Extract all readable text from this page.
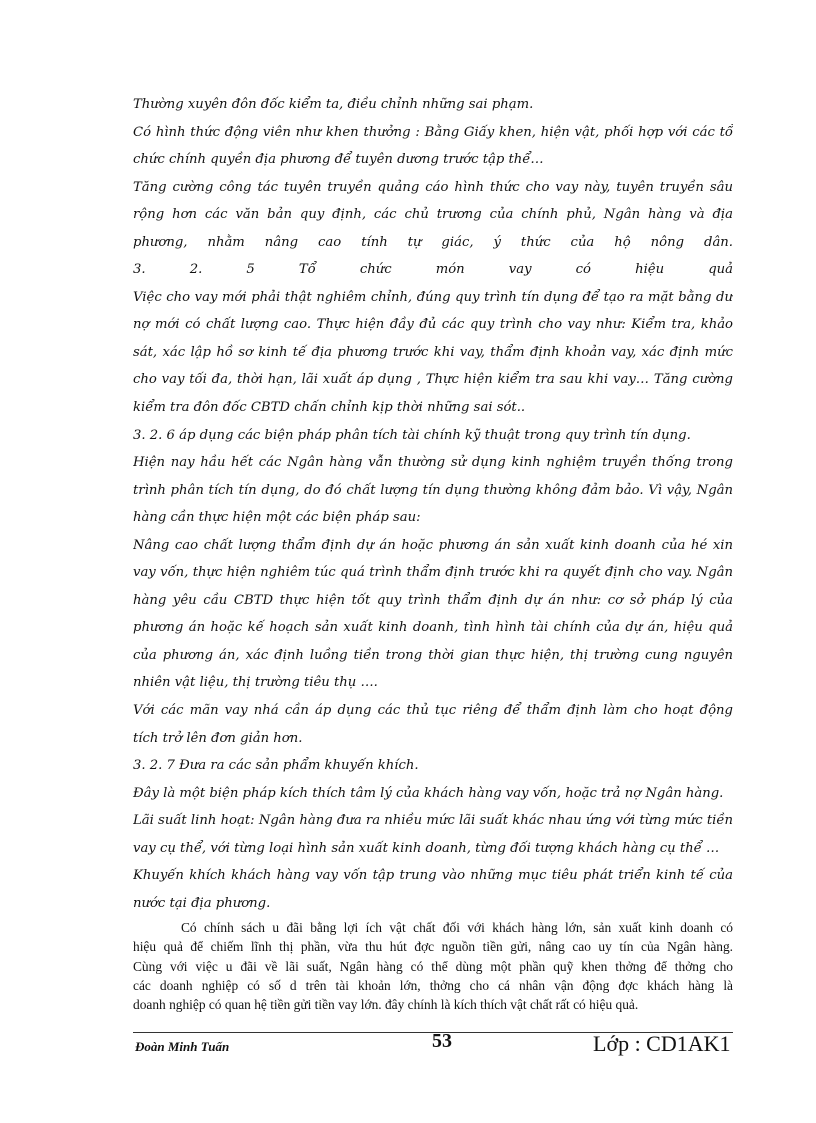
Thường xuyên đôn đốc kiểm ta, điều chỉnh những sai phạm.
Có hình thức động viên như khen thưởng : Bằng Giấy khen, hiện vật, phối hợp với các tổ
chức chính quyền địa phương để tuyên dương trước tập thể…
Tăng cường công tác tuyên truyền quảng cáo hình thức cho vay này, tuyên truyền sâu
rộng hơn các văn bản quy định, các chủ trương của chính phủ, Ngân hàng và địa
phương, nhằm nâng cao tính tự giác, ý thức của hộ nông dân.
3. 2. 5 Tổ chức món vay có hiệu quả
Việc cho vay mới phải thật nghiêm chỉnh, đúng quy trình tín dụng để tạo ra mặt bằng dư
nợ mới có chất lượng cao. Thực hiện đầy đủ các quy trình cho vay như: Kiểm tra, khảo
sát, xác lập hồ sơ kinh tế địa phương trước khi vay, thẩm định khoản vay, xác định mức
cho vay tối đa, thời hạn, lãi xuất áp dụng , Thực hiện kiểm tra sau khi vay… Tăng cường
kiểm tra đôn đốc CBTD chấn chỉnh kịp thời những sai sót..
3. 2. 6 áp dụng các biện pháp phân tích tài chính kỹ thuật trong quy trình tín dụng.
Hiện nay hầu hết các Ngân hàng vẫn thường sử dụng kinh nghiệm truyền thống trong
trình phân tích tín dụng, do đó chất lượng tín dụng thường không đảm bảo. Vì vậy, Ngân
hàng cần thực hiện một các biện pháp sau:
Nâng cao chất lượng thẩm định dự án hoặc phương án sản xuất kinh doanh của hé xin
vay vốn, thực hiện nghiêm túc quá trình thẩm định trước khi ra quyết định cho vay. Ngân
hàng yêu cầu CBTD thực hiện tốt quy trình thẩm định dự án như: cơ sở pháp lý của
phương án hoặc kế hoạch sản xuất kinh doanh, tình hình tài chính của dự án, hiệu quả
của phương án, xác định luồng tiền trong thời gian thực hiện, thị trường cung nguyên
nhiên vật liệu, thị trường tiêu thụ ….
Với các mãn vay nhá cần áp dụng các thủ tục riêng để thẩm định làm cho hoạt động
tích trở lên đơn giản hơn.
3. 2. 7 Đưa ra các sản phẩm khuyến khích.
Đây là một biện pháp kích thích tâm lý của khách hàng vay vốn, hoặc trả nợ Ngân hàng.
Lãi suất linh hoạt: Ngân hàng đưa ra nhiều mức lãi suất khác nhau ứng với từng mức tiền
vay cụ thể, với từng loại hình sản xuất kinh doanh, từng đối tượng khách hàng cụ thể …
Khuyến khích khách hàng vay vốn tập trung vào những mục tiêu phát triển kinh tế của
nước tại địa phương.
Có chính sách u đãi bằng lợi ích vật chất đối với khách hàng lớn, sản xuất kinh doanh có
hiệu quả để chiếm lĩnh thị phần, vừa thu hút đợc nguồn tiền gửi, nâng cao uy tín của Ngân hàng.
Cùng với việc u đãi về lãi suất, Ngân hàng có thể dùng một phần quỹ khen thởng để thởng cho
các doanh nghiệp có số d trên tài khoản lớn, thởng cho cá nhân vận động đợc khách hàng là
doanh nghiệp có quan hệ tiền gửi tiền vay lớn. đây chính là kích thích vật chất rất có hiệu quả.
Đoàn Minh Tuấn	53	Lớp : CD1AK1
